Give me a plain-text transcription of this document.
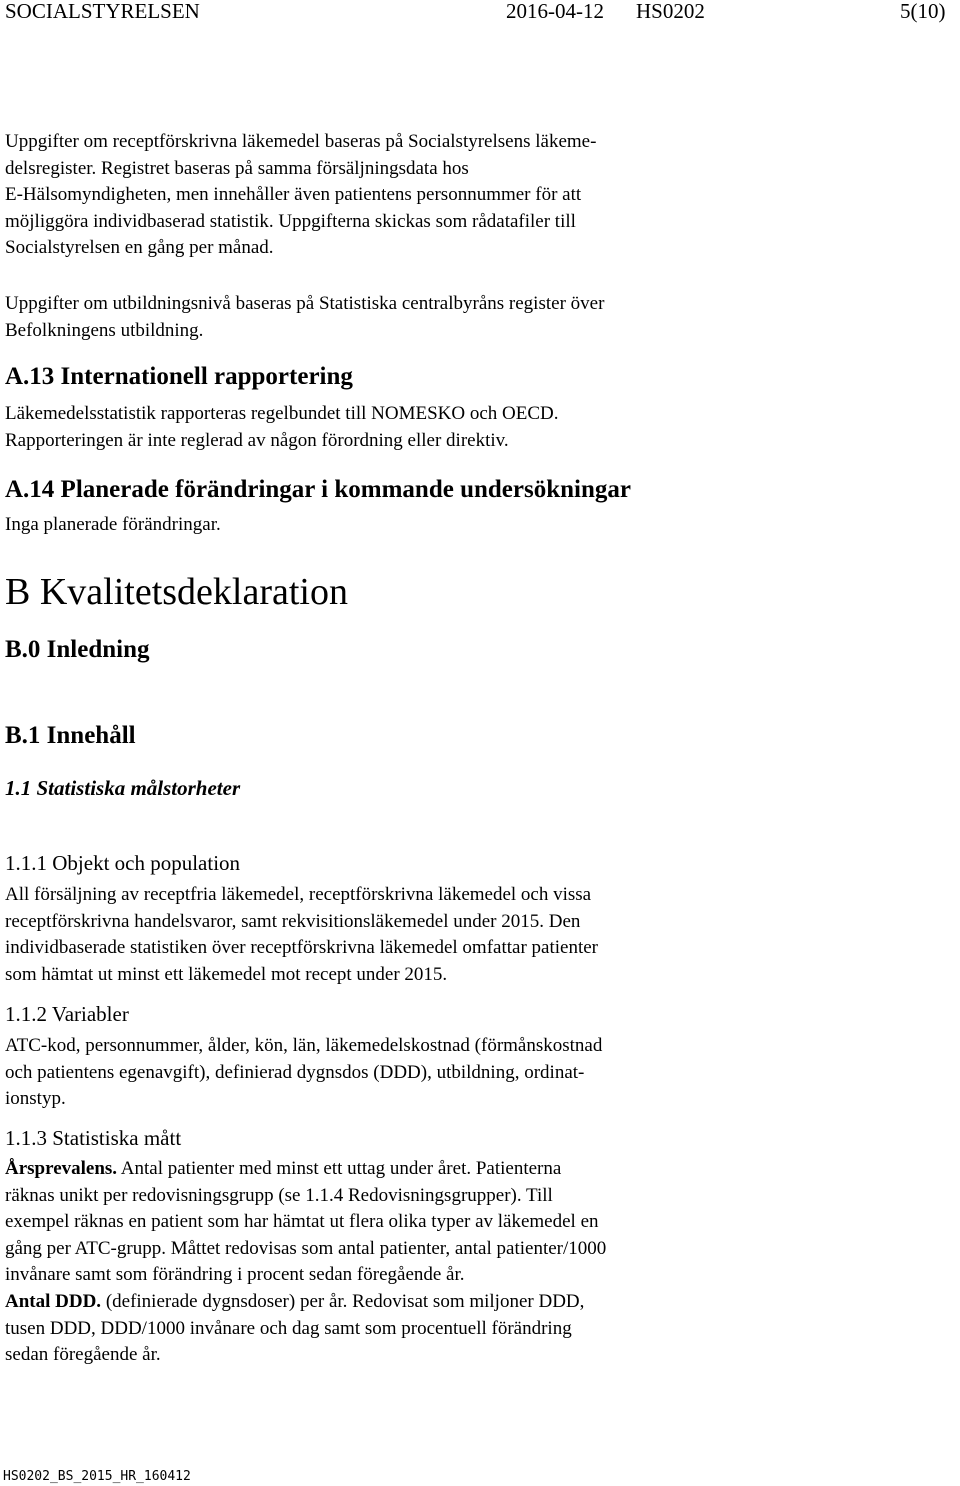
SOCIALSTYRELSEN	2016-04-12 HS0202	5(10)
Uppgifter om receptförskrivna läkemedel baseras på Socialstyrelsens läkeme-
delsregister. Registret baseras på samma försäljningsdata hos
E-Hälsomyndigheten, men innehåller även patientens personnummer för att
möjliggöra individbaserad statistik. Uppgifterna skickas som rådatafiler till
Socialstyrelsen en gång per månad.
Uppgifter om utbildningsnivå baseras på Statistiska centralbyråns register över
Befolkningens utbildning.
A.13 Internationell rapportering
Läkemedelsstatistik rapporteras regelbundet till NOMESKO och OECD.
Rapporteringen är inte reglerad av någon förordning eller direktiv.
A.14 Planerade förändringar i kommande undersökningar
Inga planerade förändringar.
B Kvalitetsdeklaration
B.0 Inledning
B.1 Innehåll
1.1 Statistiska målstorheter
1.1.1 Objekt och population
All försäljning av receptfria läkemedel, receptförskrivna läkemedel och vissa
receptförskrivna handelsvaror, samt rekvisitionsläkemedel under 2015. Den
individbaserade statistiken över receptförskrivna läkemedel omfattar patienter
som hämtat ut minst ett läkemedel mot recept under 2015.
1.1.2 Variabler
ATC-kod, personnummer, ålder, kön, län, läkemedelskostnad (förmånskostnad
och patientens egenavgift), definierad dygnsdos (DDD), utbildning, ordinat-
ionstyp.
1.1.3 Statistiska mått
Årsprevalens. Antal patienter med minst ett uttag under året. Patienterna
räknas unikt per redovisningsgrupp (se 1.1.4 Redovisningsgrupper). Till
exempel räknas en patient som har hämtat ut flera olika typer av läkemedel en
gång per ATC-grupp. Måttet redovisas som antal patienter, antal patienter/1000
invånare samt som förändring i procent sedan föregående år.
Antal DDD. (definierade dygnsdoser) per år. Redovisat som miljoner DDD,
tusen DDD, DDD/1000 invånare och dag samt som procentuell förändring
sedan föregående år.
HS0202_BS_2015_HR_160412
